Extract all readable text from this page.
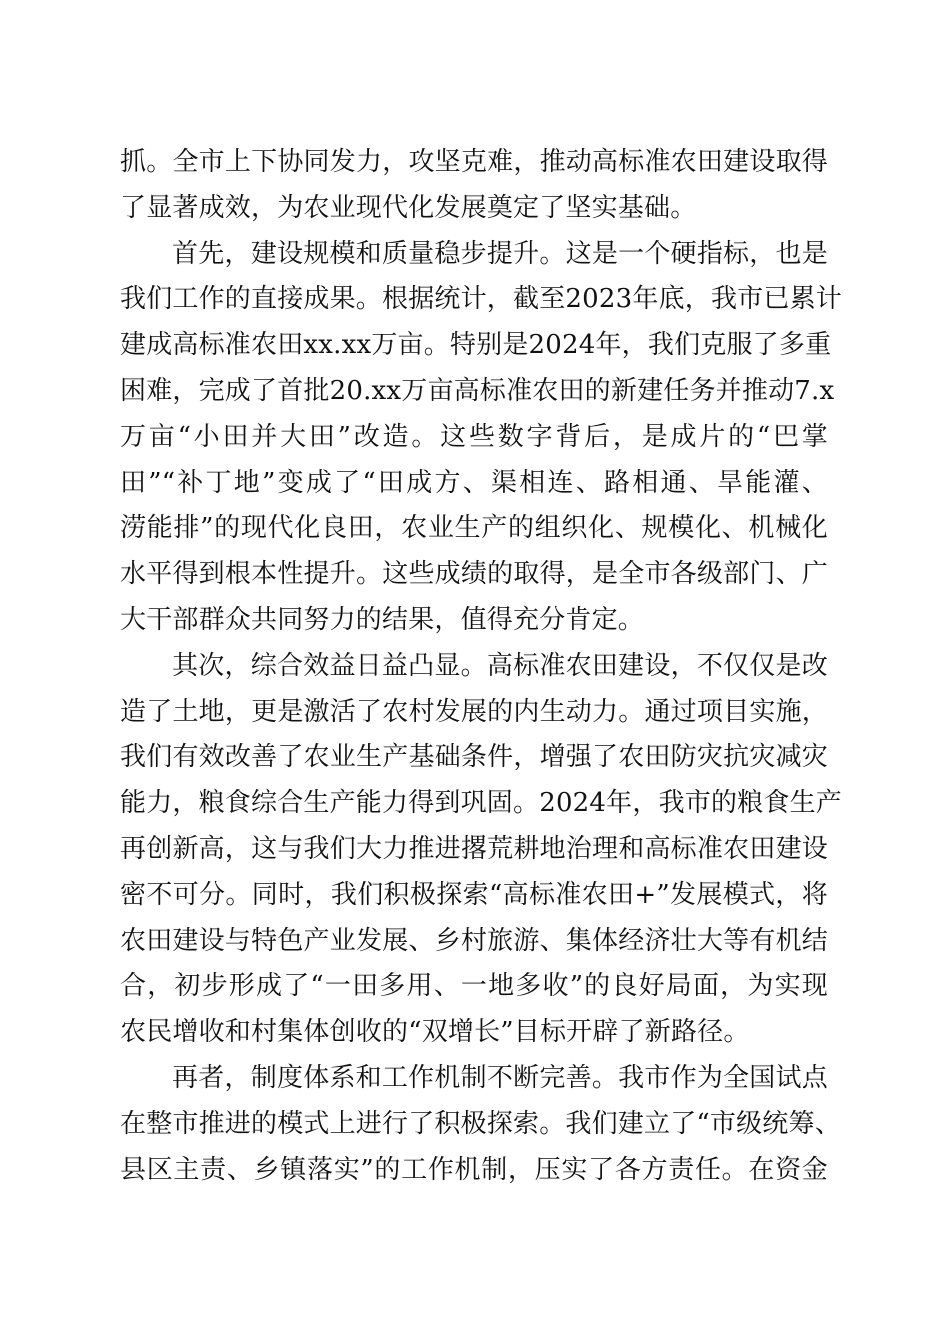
抓。全市上下协同发力，攻坚克难，推动高标准农田建设取得
了显著成效，为农业现代化发展奠定了坚实基础。
首先，建设规模和质量稳步提升。这是一个硬指标，也是
我们工作的直接成果。根据统计，截至2023年底，我市已累计
建成高标准农田xx.xx万亩。特别是2024年，我们克服了多重
困难，完成了首批20.xx万亩高标准农田的新建任务并推动7.x
万亩“小田并大田”改造。这些数字背后，是成片的“巴掌
田”“补丁地”变成了“田成方、渠相连、路相通、旱能灌、
涝能排”的现代化良田，农业生产的组织化、规模化、机械化
水平得到根本性提升。这些成绩的取得，是全市各级部门、广
大干部群众共同努力的结果，值得充分肯定。
其次，综合效益日益凸显。高标准农田建设，不仅仅是改
造了土地，更是激活了农村发展的内生动力。通过项目实施，
我们有效改善了农业生产基础条件，增强了农田防灾抗灾减灾
能力，粮食综合生产能力得到巩固。2024年，我市的粮食生产
再创新高，这与我们大力推进撂荒耕地治理和高标准农田建设
密不可分。同时，我们积极探索“高标准农田+”发展模式，将
农田建设与特色产业发展、乡村旅游、集体经济壮大等有机结
合，初步形成了“一田多用、一地多收”的良好局面，为实现
农民增收和村集体创收的“双增长”目标开辟了新路径。
再者，制度体系和工作机制不断完善。我市作为全国试点
在整市推进的模式上进行了积极探索。我们建立了“市级统筹、
县区主责、乡镇落实”的工作机制，压实了各方责任。在资金
